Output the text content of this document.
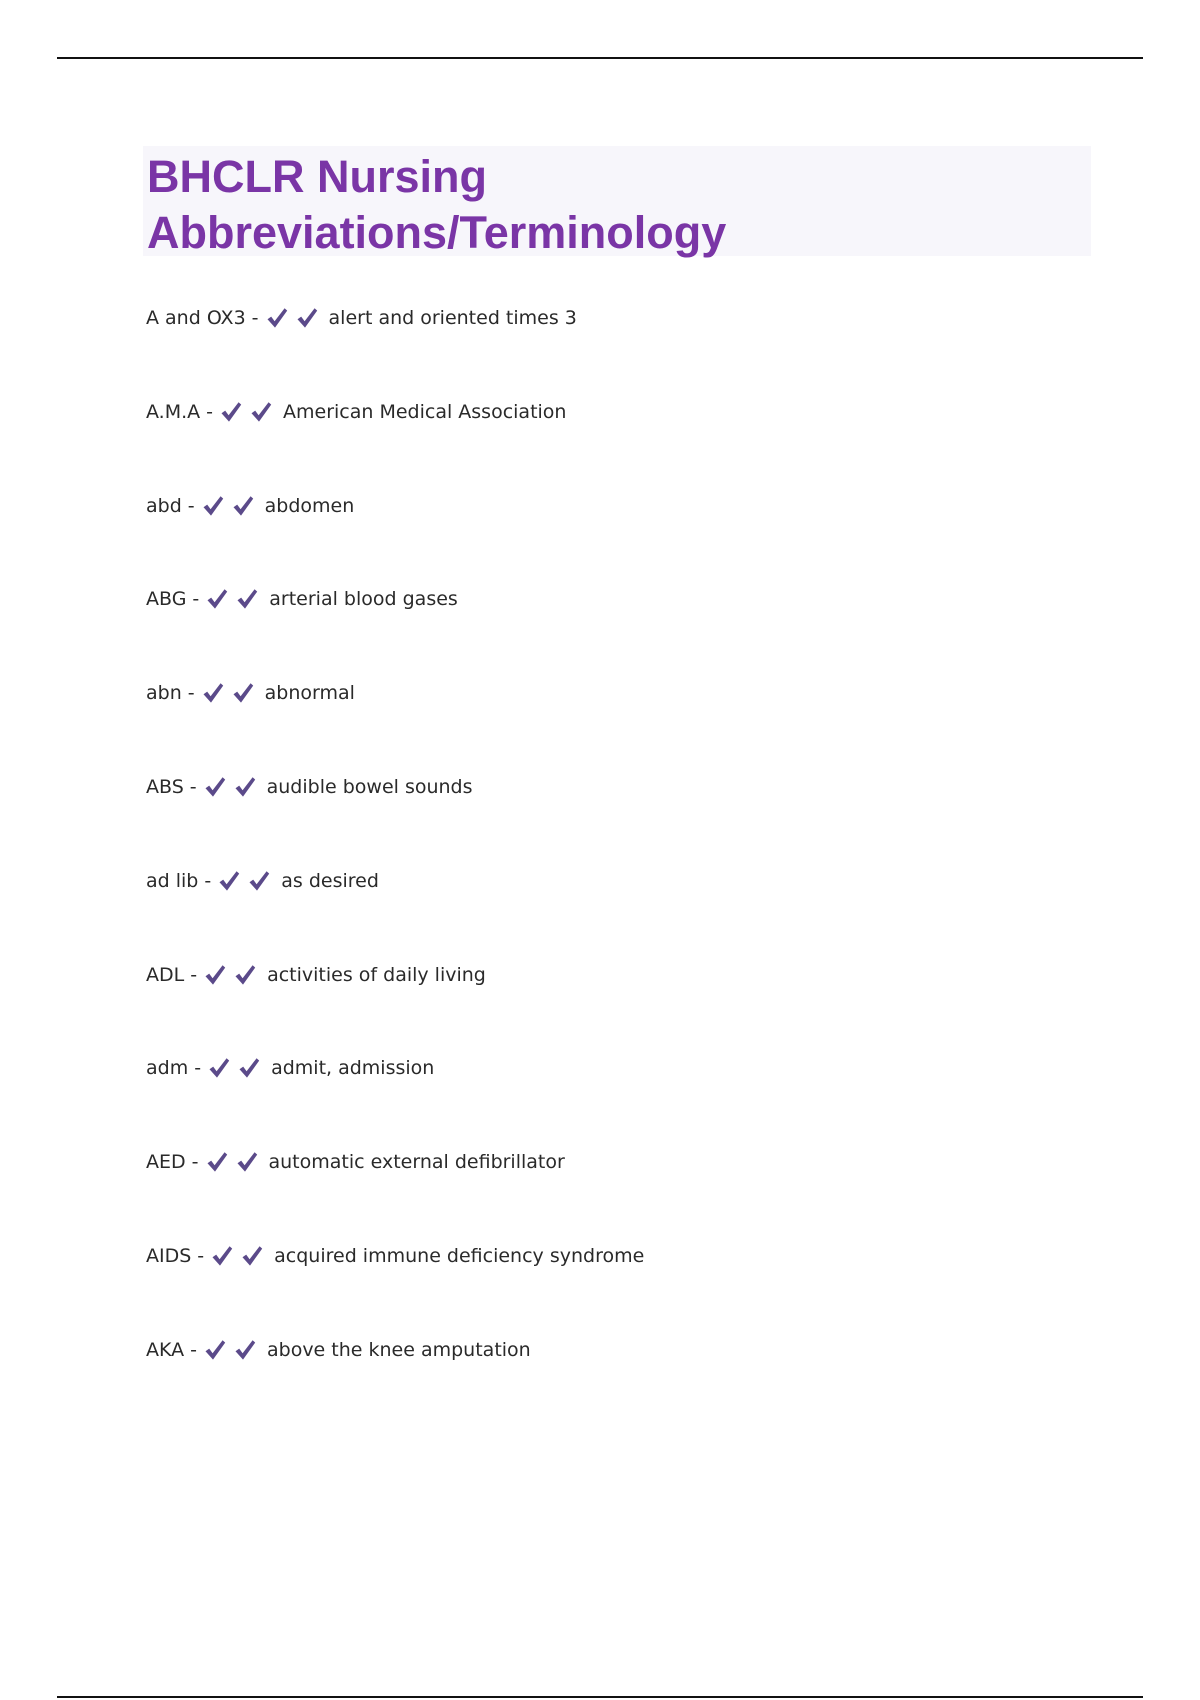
BHCLR Nursing
Abbreviations/Terminology
A and OX3 -	alert and oriented times 3
A.M.A -	American Medical Association
abd -	abdomen
ABG -	arterial blood gases
abn -	abnormal
ABS -	audible bowel sounds
ad lib -	as desired
ADL -	activities of daily living
adm -	admit, admission
AED -	automatic external defibrillator
AIDS -	acquired immune deficiency syndrome
AKA -	above the knee amputation
